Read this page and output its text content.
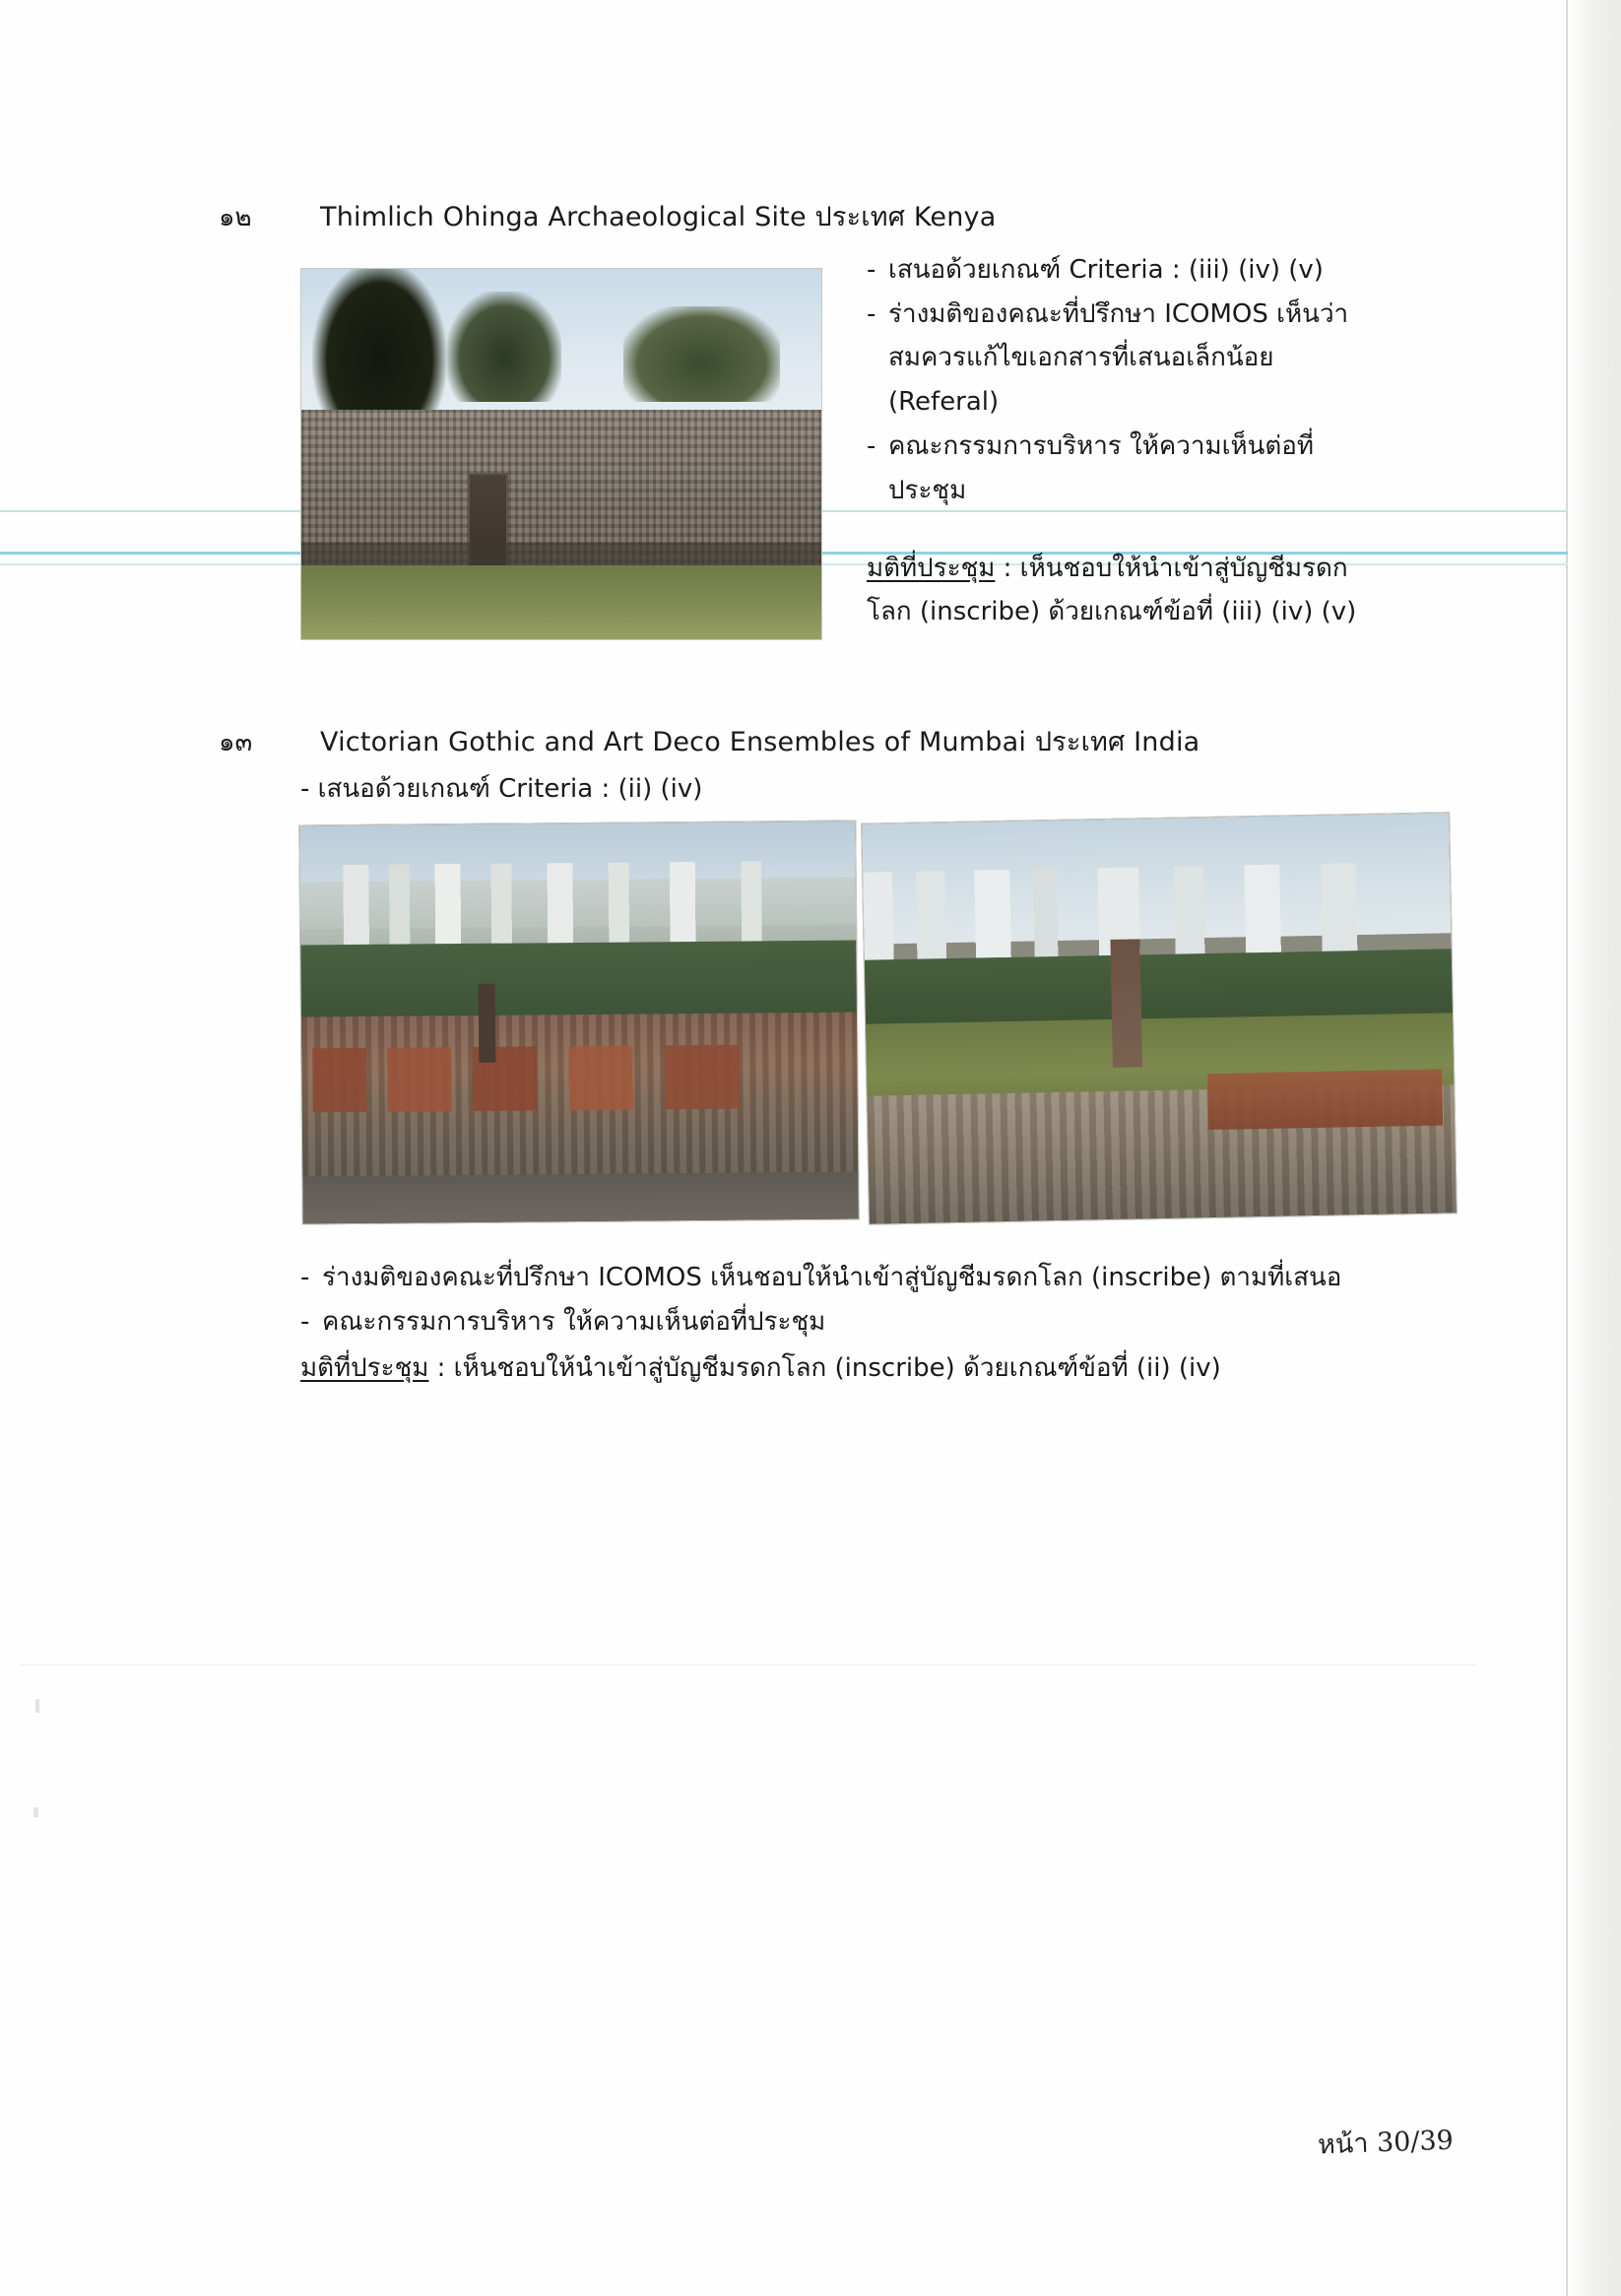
๑๒	Thimlich Ohinga Archaeological Site ประเทศ Kenya
- เสนอด้วยเกณฑ์ Criteria : (iii) (iv) (v)
- ร่างมติของคณะที่ปรึกษา ICOMOS เห็นว่า
สมควรแก้ไขเอกสารที่เสนอเล็กน้อย
(Referal)
- คณะกรรมการบริหาร ให้ความเห็นต่อที่
ประชุม
มติที่ประชุม : เห็นชอบให้นำเข้าสู่บัญชีมรดก
โลก (inscribe) ด้วยเกณฑ์ข้อที่ (iii) (iv) (v)
๑๓	Victorian Gothic and Art Deco Ensembles of Mumbai ประเทศ India
- เสนอด้วยเกณฑ์ Criteria : (ii) (iv)
- ร่างมติของคณะที่ปรึกษา ICOMOS เห็นชอบให้นำเข้าสู่บัญชีมรดกโลก (inscribe) ตามที่เสนอ
- คณะกรรมการบริหาร ให้ความเห็นต่อที่ประชุม
มติที่ประชุม : เห็นชอบให้นำเข้าสู่บัญชีมรดกโลก (inscribe) ด้วยเกณฑ์ข้อที่ (ii) (iv)
หน้า 30/39
